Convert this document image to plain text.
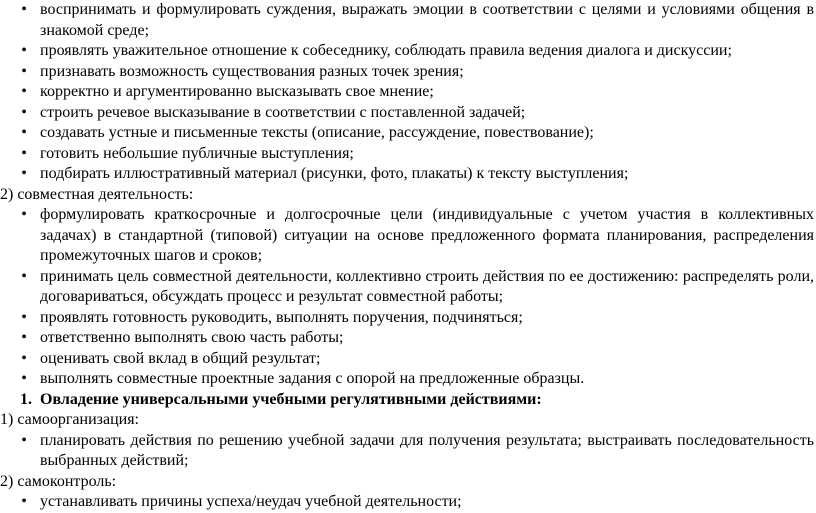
• воспринимать и формулировать суждения, выражать эмоции в соответствии с целями и условиями общения в знакомой среде;
• проявлять уважительное отношение к собеседнику, соблюдать правила ведения диалога и дискуссии;
• признавать возможность существования разных точек зрения;
• корректно и аргументированно высказывать свое мнение;
• строить речевое высказывание в соответствии с поставленной задачей;
• создавать устные и письменные тексты (описание, рассуждение, повествование);
• готовить небольшие публичные выступления;
• подбирать иллюстративный материал (рисунки, фото, плакаты) к тексту выступления;
2) совместная деятельность:
• формулировать краткосрочные и долгосрочные цели (индивидуальные с учетом участия в коллективных задачах) в стандартной (типовой) ситуации на основе предложенного формата планирования, распределения промежуточных шагов и сроков;
• принимать цель совместной деятельности, коллективно строить действия по ее достижению: распределять роли, договариваться, обсуждать процесс и результат совместной работы;
• проявлять готовность руководить, выполнять поручения, подчиняться;
• ответственно выполнять свою часть работы;
• оценивать свой вклад в общий результат;
• выполнять совместные проектные задания с опорой на предложенные образцы.
1. Овладение универсальными учебными регулятивными действиями:
1) самоорганизация:
• планировать действия по решению учебной задачи для получения результата; выстраивать последовательность выбранных действий;
2) самоконтроль:
• устанавливать причины успеха/неудач учебной деятельности;
